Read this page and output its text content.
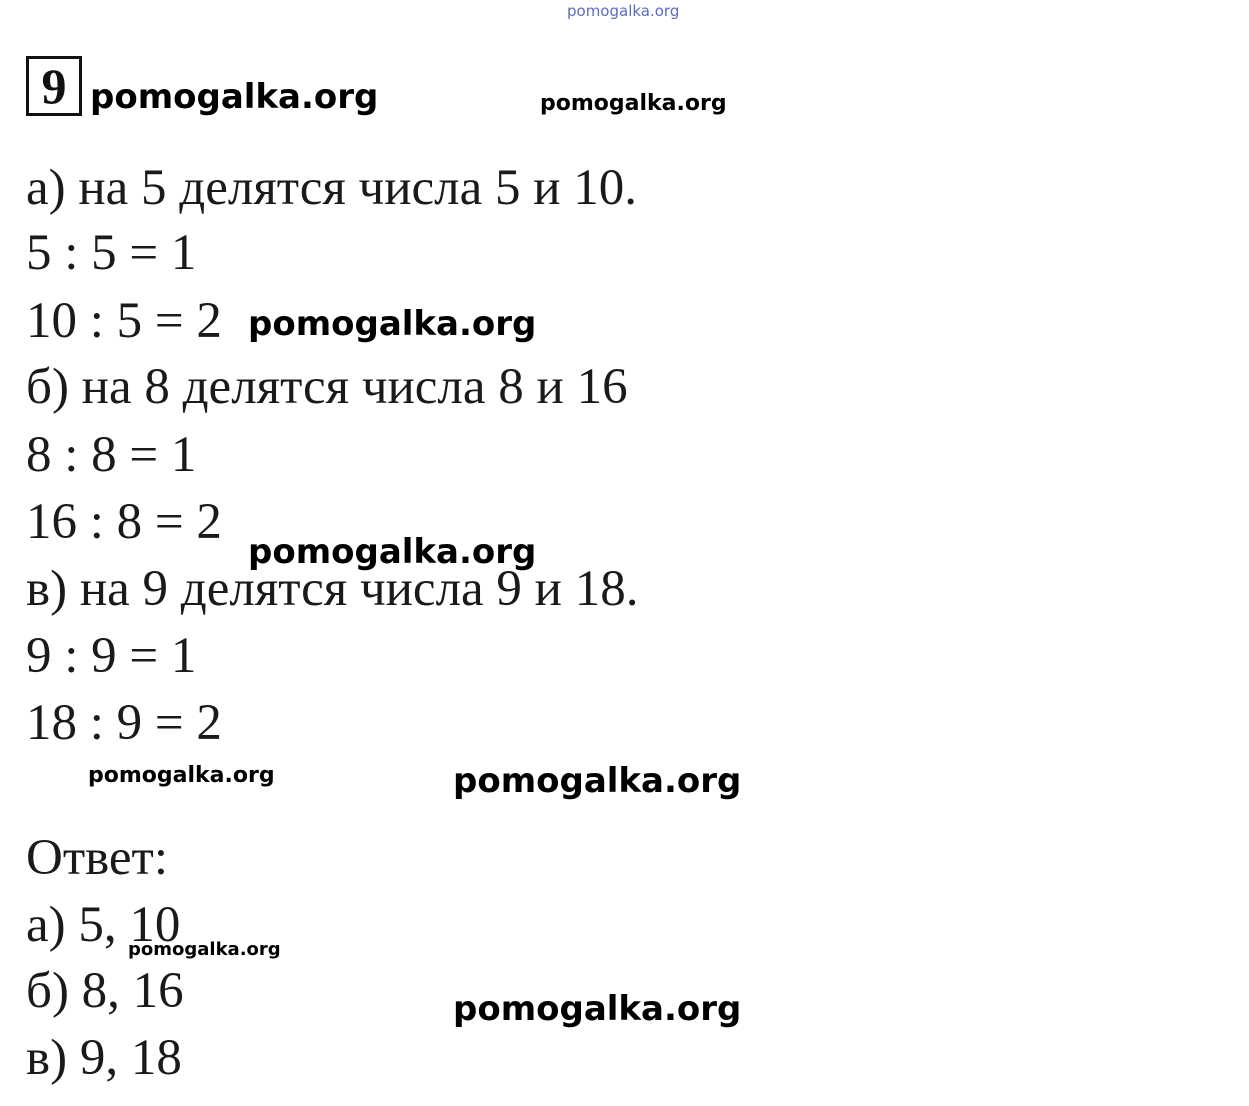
pomogalka.org
9 pomogalka.org	pomogalka.org
а) на 5 делятся числа 5 и 10.
5 : 5 = 1
10 : 5 = 2 pomogalka.org
б) на 8 делятся числа 8 и 16
8 : 8 = 1
16 : 8 = 2
pomogalka.org
в) на 9 делятся числа 9 и 18.
9 : 9 = 1
18 : 9 = 2
pomogalka.org	pomogalka.org
Ответ:
а) 5, 10
pomogalka.org
б) 8, 16	pomogalka.org
в) 9, 18
